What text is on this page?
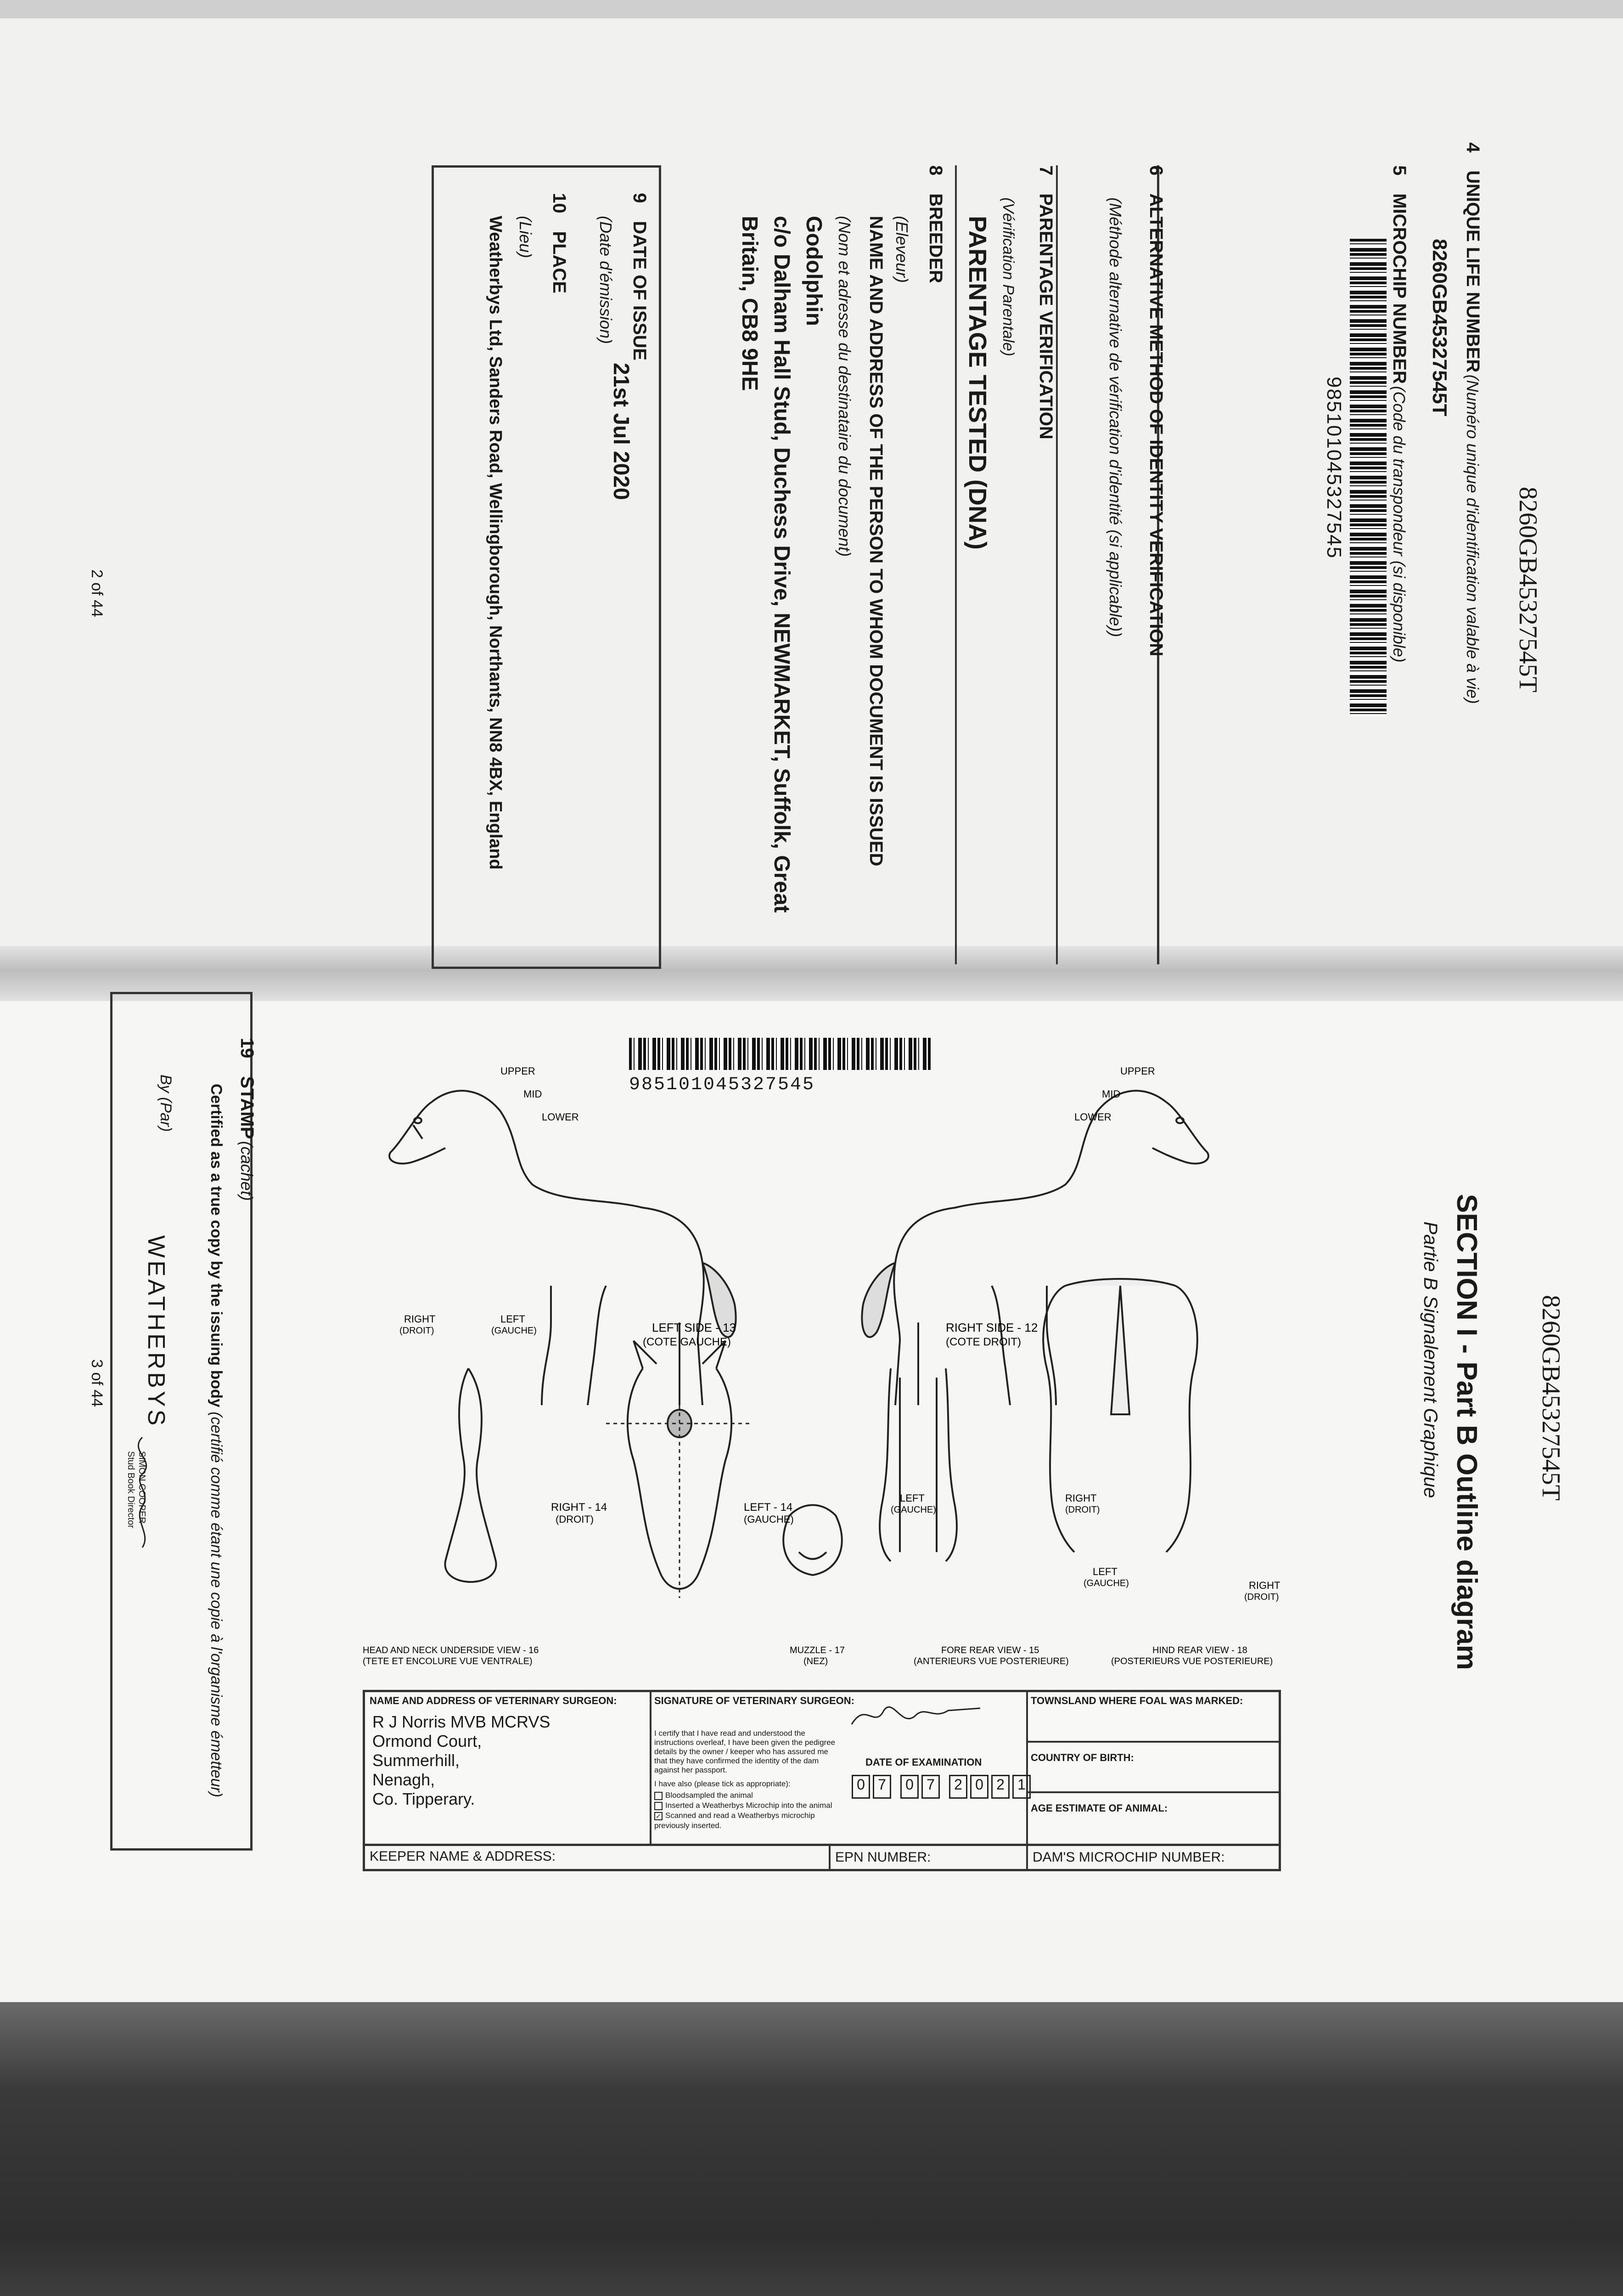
8260GB45327545T
4  UNIQUE LIFE NUMBER (Numéro unique d'identification valable à vie)
8260GB45327545T
5  MICROCHIP NUMBER (Code du transpondeur (si disponible)
985101045327545
6  ALTERNATIVE METHOD OF IDENTITY VERIFICATION
(Méthode alternative de vérification d'identité (si applicable))
7  PARENTAGE VERIFICATION
(Vérification Parentale)
PARENTAGE TESTED (DNA)
8  BREEDER
(Eleveur)
NAME AND ADDRESS OF THE PERSON TO WHOM DOCUMENT IS ISSUED
(Nom et adresse du destinataire du document)
Godolphin
c/o Dalham Hall Stud, Duchess Drive, NEWMARKET, Suffolk, Great
Britain, CB8 9HE
9  DATE OF ISSUE
(Date d'émission)
21st Jul 2020
10  PLACE
(Lieu)
Weatherbys Ltd, Sanders Road, Wellingborough, Northants, NN8 4BX, England
2 of 44
8260GB45327545T
SECTION I - Part B Outline diagram
Partie B Signalement Graphique
985101045327545
LEFT SIDE - 13
(COTE GAUCHE)
RIGHT SIDE - 12
(COTE DROIT)
RIGHT - 14
(DROIT)
LEFT - 14
(GAUCHE)
RIGHT
(DROIT)
LEFT
(GAUCHE)
LEFT
(GAUCHE)
RIGHT
(DROIT)
LEFT
(GAUCHE)	RIGHT
(DROIT)
UPPER
MID
LOWER
UPPER
MID
LOWER
HEAD AND NECK UNDERSIDE VIEW - 16
(TETE ET ENCOLURE VUE VENTRALE)
MUZZLE - 17
(NEZ)
FORE REAR VIEW - 15
(ANTERIEURS VUE POSTERIEURE)
HIND REAR VIEW - 18
(POSTERIEURS VUE POSTERIEURE)
NAME AND ADDRESS OF VETERINARY SURGEON:
R J Norris MVB MCRVS
Ormond Court,
Summerhill,
Nenagh,
Co. Tipperary.
SIGNATURE OF VETERINARY SURGEON:
I certify that I have read and understood the instructions overleaf, I have been given the pedigree details by the owner / keeper who has assured me that they have confirmed the identity of the dam against her passport.
I have also (please tick as appropriate):
Bloodsampled the animal
Inserted a Weatherbys Microchip into the animal
✓ Scanned and read a Weatherbys microchip previously inserted.
DATE OF EXAMINATION
0 7	0 7	2 0 2 1
TOWNSLAND WHERE FOAL WAS MARKED:
COUNTRY OF BIRTH:
AGE ESTIMATE OF ANIMAL:
KEEPER NAME & ADDRESS:	EPN NUMBER:	DAM'S MICROCHIP NUMBER:
19  STAMP (cachet)
Certified as a true copy by the issuing body (certifié comme étant une copie à l'organisme émetteur)
By (Par)
WEATHERBYS
SIMON COOPER
Stud Book Director
3 of 44
